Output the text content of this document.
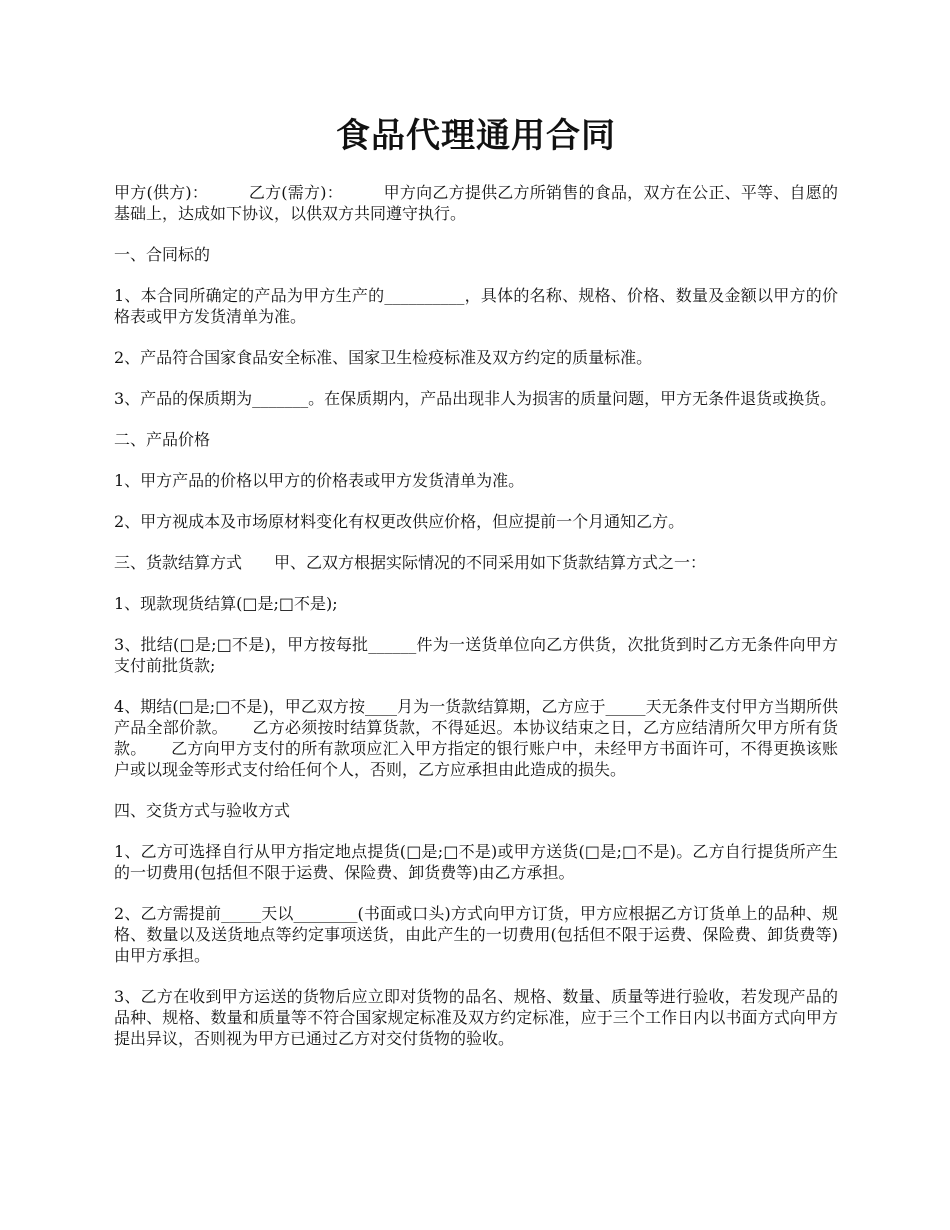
食品代理通用合同

甲方(供方)：　　　乙方(需方)：　　　甲方向乙方提供乙方所销售的食品，双方在公正、平等、自愿的基础上，达成如下协议，以供双方共同遵守执行。

一、合同标的

1、本合同所确定的产品为甲方生产的__________，具体的名称、规格、价格、数量及金额以甲方的价格表或甲方发货清单为准。

2、产品符合国家食品安全标准、国家卫生检疫标准及双方约定的质量标准。

3、产品的保质期为_______。在保质期内，产品出现非人为损害的质量问题，甲方无条件退货或换货。

二、产品价格

1、甲方产品的价格以甲方的价格表或甲方发货清单为准。

2、甲方视成本及市场原材料变化有权更改供应价格，但应提前一个月通知乙方。

三、货款结算方式　　甲、乙双方根据实际情况的不同采用如下货款结算方式之一：

1、现款现货结算(□是;□不是);

3、批结(□是;□不是)，甲方按每批______件为一送货单位向乙方供货，次批货到时乙方无条件向甲方支付前批货款;

4、期结(□是;□不是)，甲乙双方按____月为一货款结算期，乙方应于_____天无条件支付甲方当期所供产品全部价款。　　乙方必须按时结算货款，不得延迟。本协议结束之日，乙方应结清所欠甲方所有货款。　　乙方向甲方支付的所有款项应汇入甲方指定的银行账户中，未经甲方书面许可，不得更换该账户或以现金等形式支付给任何个人，否则，乙方应承担由此造成的损失。

四、交货方式与验收方式

1、乙方可选择自行从甲方指定地点提货(□是;□不是)或甲方送货(□是;□不是)。乙方自行提货所产生的一切费用(包括但不限于运费、保险费、卸货费等)由乙方承担。

2、乙方需提前_____天以________(书面或口头)方式向甲方订货，甲方应根据乙方订货单上的品种、规格、数量以及送货地点等约定事项送货，由此产生的一切费用(包括但不限于运费、保险费、卸货费等)由甲方承担。

3、乙方在收到甲方运送的货物后应立即对货物的品名、规格、数量、质量等进行验收，若发现产品的品种、规格、数量和质量等不符合国家规定标准及双方约定标准，应于三个工作日内以书面方式向甲方提出异议，否则视为甲方已通过乙方对交付货物的验收。
